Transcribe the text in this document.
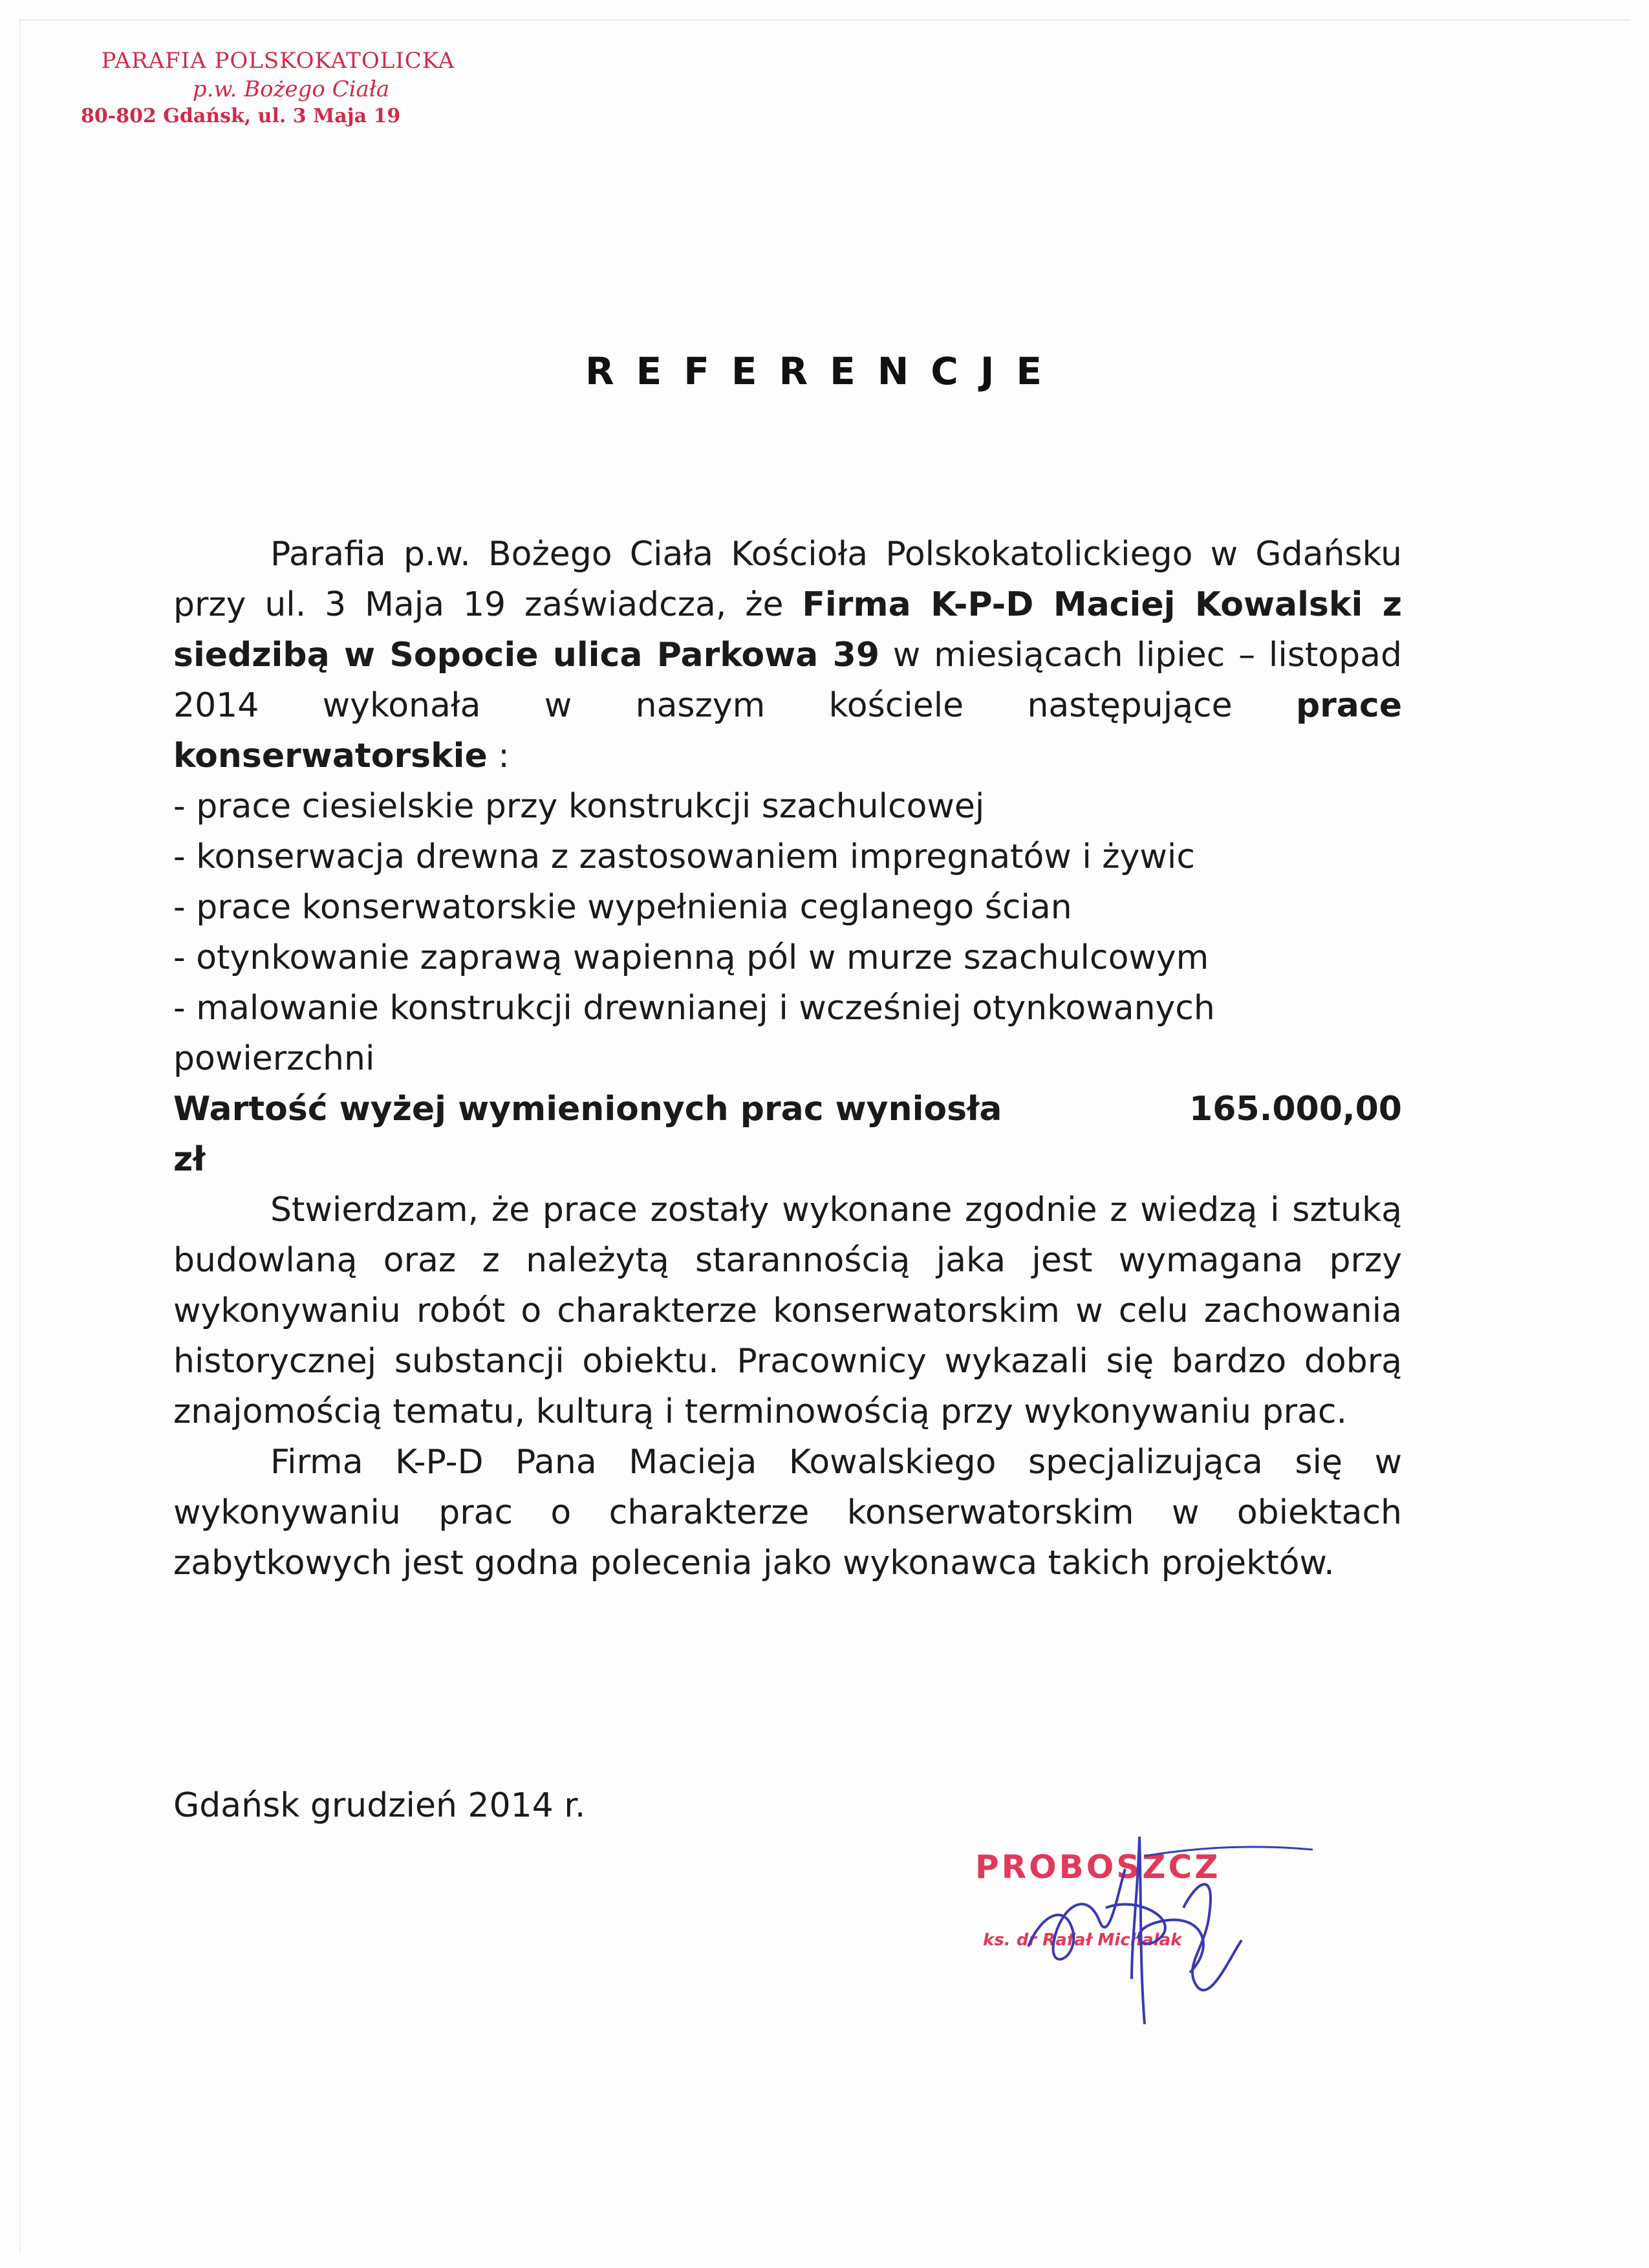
PARAFIA POLSKOKATOLICKA
p.w. Bożego Ciała
80-802 Gdańsk, ul. 3 Maja 19
REFERENCJE

Parafia p.w. Bożego Ciała Kościoła Polskokatolickiego w Gdańsku przy ul. 3 Maja 19 zaświadcza, że Firma K-P-D Maciej Kowalski z siedzibą w Sopocie ulica Parkowa 39 w miesiącach lipiec – listopad 2014 wykonała w naszym kościele następujące prace konserwatorskie :

- prace ciesielskie przy konstrukcji szachulcowej
- konserwacja drewna z zastosowaniem impregnatów i żywic
- prace konserwatorskie wypełnienia ceglanego ścian
- otynkowanie zaprawą wapienną pól w murze szachulcowym
- malowanie konstrukcji drewnianej i wcześniej otynkowanych powierzchni
Wartość wyżej wymienionych prac wyniosła	165.000,00
zł

Stwierdzam, że prace zostały wykonane zgodnie z wiedzą i sztuką budowlaną oraz z należytą starannością jaka jest wymagana przy wykonywaniu robót o charakterze konserwatorskim w celu zachowania historycznej substancji obiektu. Pracownicy wykazali się bardzo dobrą znajomością tematu, kulturą i terminowością przy wykonywaniu prac.

Firma K-P-D Pana Macieja Kowalskiego specjalizująca się w wykonywaniu prac o charakterze konserwatorskim w obiektach zabytkowych jest godna polecenia jako wykonawca takich projektów.

Gdańsk grudzień 2014 r.
PROBOSZCZ
ks. dr Rafał Michalak
